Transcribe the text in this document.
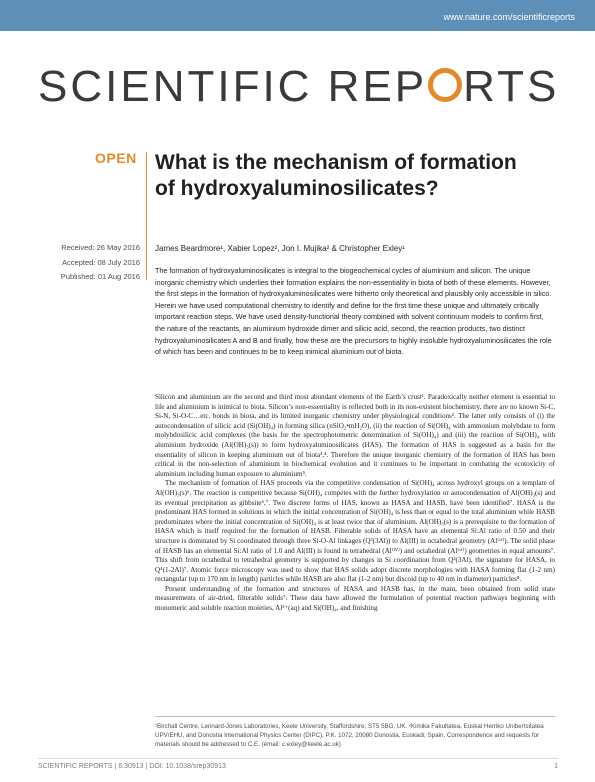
www.nature.com/scientificreports
SCIENTIFIC REP RTS
OPEN What is the mechanism of formation of hydroxyaluminosilicates?
Received: 26 May 2016
Accepted: 08 July 2016
Published: 01 Aug 2016
James Beardmore¹, Xabier Lopez², Jon I. Mujika² & Christopher Exley¹
The formation of hydroxyaluminosilicates is integral to the biogeochemical cycles of aluminium and silicon. The unique inorganic chemistry which underlies their formation explains the non-essentiality in biota of both of these elements. However, the first steps in the formation of hydroxyaluminosilicates were hitherto only theoretical and plausibly only accessible in silico. Herein we have used computational chemistry to identify and define for the first time these unique and ultimately critically important reaction steps. We have used density-functional theory combined with solvent continuum models to confirm first, the nature of the reactants, an aluminium hydroxide dimer and silicic acid, second, the reaction products, two distinct hydroxyaluminosilicates A and B and finally, how these are the precursors to highly insoluble hydroxyaluminosilicates the role of which has been and continues to be to keep inimical aluminium out of biota.

Silicon and aluminium are the second and third most abundant elements of the Earth’s crust¹. Paradoxically neither element is essential to life and aluminium is inimical to biota. Silicon’s non-essentiality is reflected both in its non-existent biochemistry, there are no known Si-C, Si-N, Si-O-C…etc. bonds in biota, and its limited inorganic chemistry under physiological conditions². The latter only consists of (i) the autocondensation of silicic acid (Si(OH)₄) in forming silica (nSiO₂•mH₂O), (ii) the reaction of Si(OH)₄ with ammonium molybdate to form molybdosilicic acid complexes (the basis for the spectrophotometric determination of Si(OH)₄) and (iii) the reaction of Si(OH)₄ with aluminium hydroxide (Al(OH)₃(s)) to form hydroxyaluminosilicates (HAS). The formation of HAS is suggested as a basis for the essentiality of silicon in keeping aluminium out of biota³,⁴. Therefore the unique inorganic chemistry of the formation of HAS has been critical in the non-selection of aluminium in biochemical evolution and it continues to be important in combating the ecotoxicity of aluminium including human exposure to aluminium⁵.

The mechanism of formation of HAS proceeds via the competitive condensation of Si(OH)₄ across hydroxyl groups on a template of Al(OH)₃(s)⁶. The reaction is competitive because Si(OH)₄ competes with the further hydroxylation or autocondensation of Al(OH)₃(s) and its eventual precipitation as gibbsite⁶,⁷. Two discrete forms of HAS, known as HASA and HASB, have been identified⁷. HASA is the predominant HAS formed in solutions in which the initial concentration of Si(OH)₄ is less than or equal to the total aluminium while HASB predominates where the initial concentration of Si(OH)₄ is at least twice that of aluminium. Al(OH)₃(s) is a prerequisite to the formation of HASA which is itself required for the formation of HASB. Filterable solids of HASA have an elemental Si:Al ratio of 0.50 and their structure is dominated by Si coordinated through three Si-O-Al linkages (Q³(3Al)) to Al(III) in octahedral geometry (Al⁽ᵛᴵ⁾). The solid phase of HASB has an elemental Si:Al ratio of 1.0 and Al(III) is found in tetrahedral (Al⁽ᴵⱽ⁾) and octahedral (Al⁽ᵛᴵ⁾) geometries in equal amounts⁷. This shift from octahedral to tetrahedral geometry is supported by changes in Si coordination from Q³(3Al), the signature for HASA, to Q⁴(1-2Al)⁷. Atomic force microscopy was used to show that HAS solids adopt discrete morphologies with HASA forming flat (1-2 nm) rectangular (up to 170 nm in length) particles while HASB are also flat (1-2 nm) but discoid (up to 40 nm in diameter) particles⁸.

Present understanding of the formation and structures of HASA and HASB has, in the main, been obtained from solid state measurements of air-dried, filterable solids⁷. These data have allowed the formulation of potential reaction pathways beginning with monomeric and soluble reaction moieties, Al³⁺(aq) and Si(OH)₄, and finishing

¹Birchall Centre, Lennard-Jones Laboratories, Keele University, Staffordshire, ST5 5BG, UK. ²Kimika Fakultatea, Euskal Herriko Unibertsitatea UPV/EHU, and Donostia International Physics Center (DIPC), P.K. 1072, 20080 Donostia, Euskadi, Spain. Correspondence and requests for materials should be addressed to C.E. (email: c.exley@keele.ac.uk)
SCIENTIFIC REPORTS | 6:30913 | DOI: 10.1038/srep30913	1
